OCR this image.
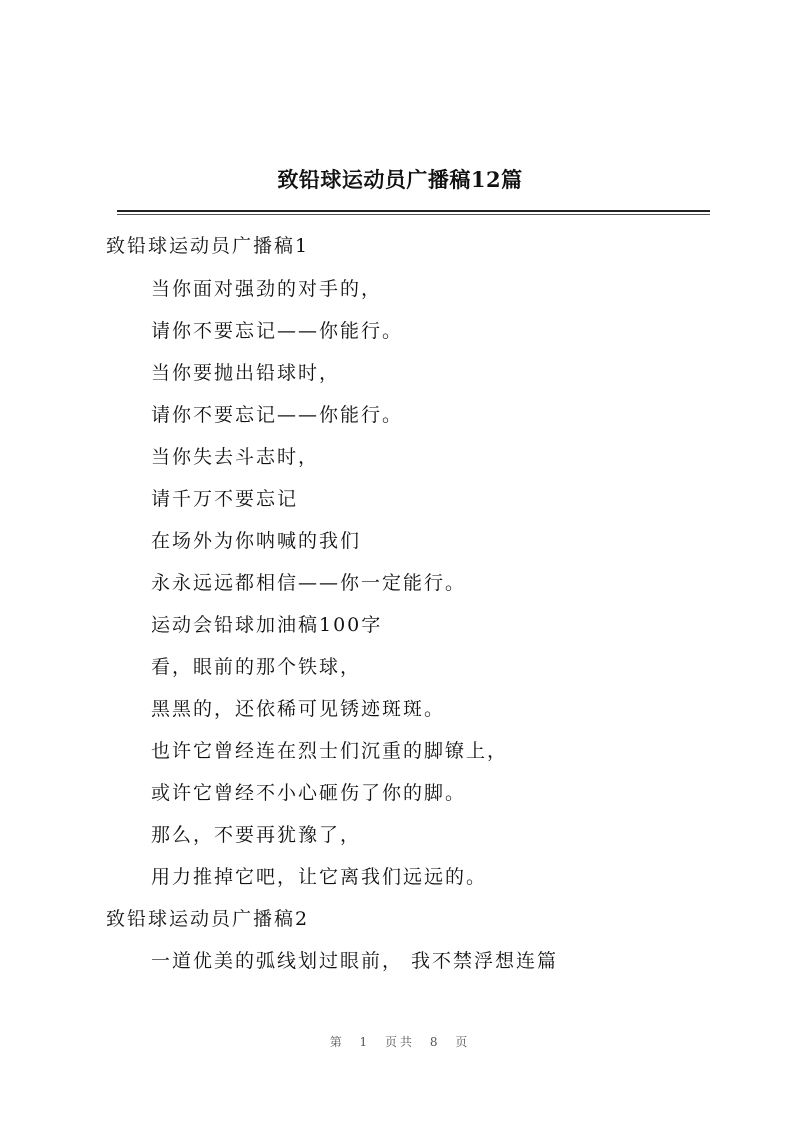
致铅球运动员广播稿12篇
致铅球运动员广播稿1
当你面对强劲的对手的，
请你不要忘记——你能行。
当你要抛出铅球时，
请你不要忘记——你能行。
当你失去斗志时，
请千万不要忘记
在场外为你呐喊的我们
永永远远都相信——你一定能行。
运动会铅球加油稿100字
看，眼前的那个铁球，
黑黑的，还依稀可见锈迹斑斑。
也许它曾经连在烈士们沉重的脚镣上，
或许它曾经不小心砸伤了你的脚。
那么，不要再犹豫了，
用力推掉它吧，让它离我们远远的。
致铅球运动员广播稿2
一道优美的弧线划过眼前， 我不禁浮想连篇
第 1 页共 8 页
